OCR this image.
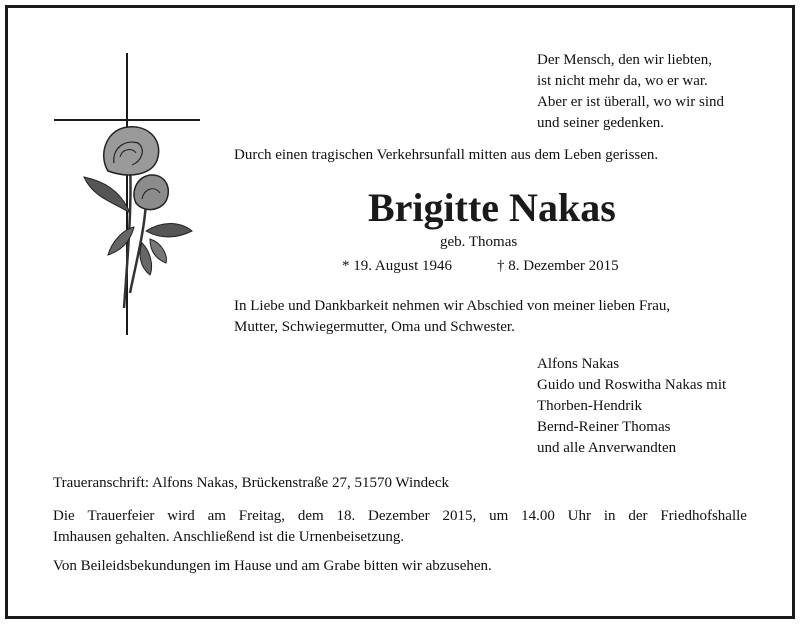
Der Mensch, den wir liebten,
ist nicht mehr da, wo er war.
Aber er ist überall, wo wir sind
und seiner gedenken.
Durch einen tragischen Verkehrsunfall mitten aus dem Leben gerissen.
Brigitte Nakas
geb. Thomas
* 19. August 1946	† 8. Dezember 2015
In Liebe und Dankbarkeit nehmen wir Abschied von meiner lieben Frau,
Mutter, Schwiegermutter, Oma und Schwester.
Alfons Nakas
Guido und Roswitha Nakas mit
Thorben-Hendrik
Bernd-Reiner Thomas
und alle Anverwandten
Traueranschrift: Alfons Nakas, Brückenstraße 27, 51570 Windeck
Die Trauerfeier wird am Freitag, dem 18. Dezember 2015, um 14.00 Uhr in der Friedhofshalle
Imhausen gehalten. Anschließend ist die Urnenbeisetzung.
Von Beileidsbekundungen im Hause und am Grabe bitten wir abzusehen.
